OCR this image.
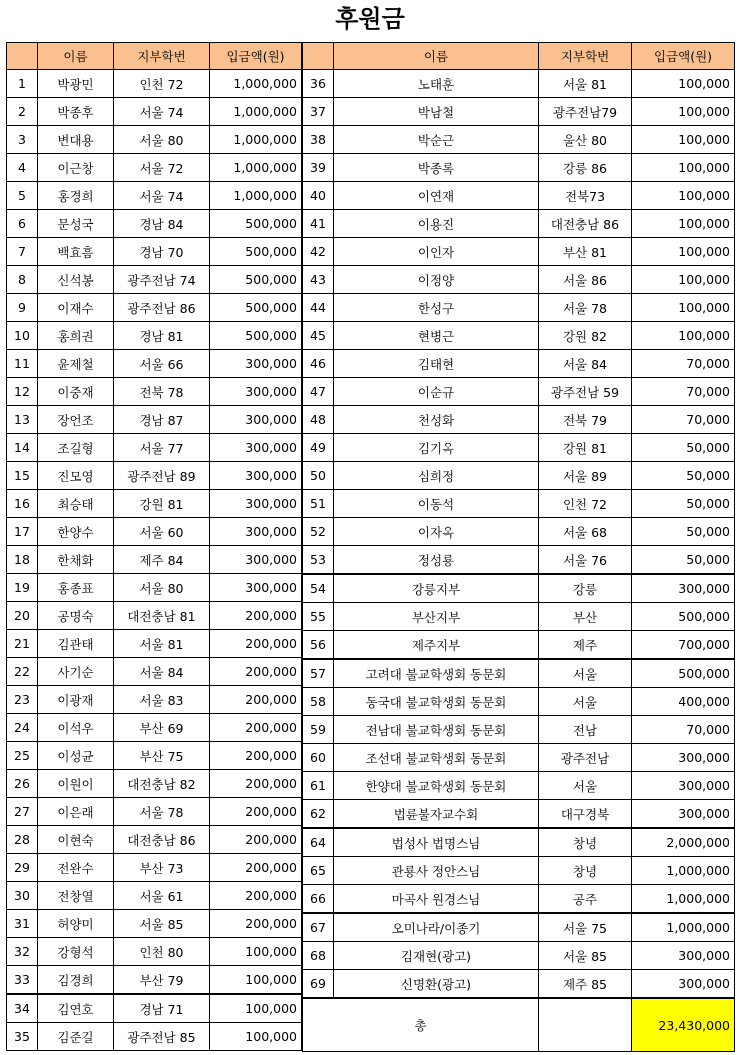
후원금
	이름	지부학번	입금액(원)
1	박광민	인천 72	1,000,000
2	박종후	서울 74	1,000,000
3	변대용	서울 80	1,000,000
4	이근창	서울 72	1,000,000
5	홍경희	서울 74	1,000,000
6	문성국	경남 84	500,000
7	백효흠	경남 70	500,000
8	신석봉	광주전남 74	500,000
9	이재수	광주전남 86	500,000
10	홍희권	경남 81	500,000
11	윤제철	서울 66	300,000
12	이중재	전북 78	300,000
13	장언조	경남 87	300,000
14	조길형	서울 77	300,000
15	진모영	광주전남 89	300,000
16	최승태	강원 81	300,000
17	한양수	서울 60	300,000
18	한채화	제주 84	300,000
19	홍종표	서울 80	300,000
20	공명숙	대전충남 81	200,000
21	김관태	서울 81	200,000
22	사기순	서울 84	200,000
23	이광재	서울 83	200,000
24	이석우	부산 69	200,000
25	이성균	부산 75	200,000
26	이원이	대전충남 82	200,000
27	이은래	서울 78	200,000
28	이현숙	대전충남 86	200,000
29	전완수	부산 73	200,000
30	전창열	서울 61	200,000
31	허양미	서울 85	200,000
32	강형석	인천 80	100,000
33	김경희	부산 79	100,000
34	김연호	경남 71	100,000
35	김준길	광주전남 85	100,000
	이름	지부학번	입금액(원)
36	노태훈	서울 81	100,000
37	박남철	광주전남79	100,000
38	박순근	울산 80	100,000
39	박종록	강릉 86	100,000
40	이연재	전북73	100,000
41	이용진	대전충남 86	100,000
42	이인자	부산 81	100,000
43	이정양	서울 86	100,000
44	한성구	서울 78	100,000
45	현병근	강원 82	100,000
46	김태현	서울 84	70,000
47	이순규	광주전남 59	70,000
48	천성화	전북 79	70,000
49	김기옥	강원 81	50,000
50	심희정	서울 89	50,000
51	이동석	인천 72	50,000
52	이자옥	서울 68	50,000
53	정성룡	서울 76	50,000
54	강릉지부	강릉	300,000
55	부산지부	부산	500,000
56	제주지부	제주	700,000
57	고려대 불교학생회 동문회	서울	500,000
58	동국대 불교학생회 동문회	서울	400,000
59	전남대 불교학생회 동문회	전남	70,000
60	조선대 불교학생회 동문회	광주전남	300,000
61	한양대 불교학생회 동문회	서울	300,000
62	법륜불자교수회	대구경북	300,000
64	법성사 법명스님	창녕	2,000,000
65	관룡사 정안스님	창녕	1,000,000
66	마곡사 원경스님	공주	1,000,000
67	오미나라/이종기	서울 75	1,000,000
68	김재현(광고)	서울 85	300,000
69	신명환(광고)	제주 85	300,000
총			23,430,000
